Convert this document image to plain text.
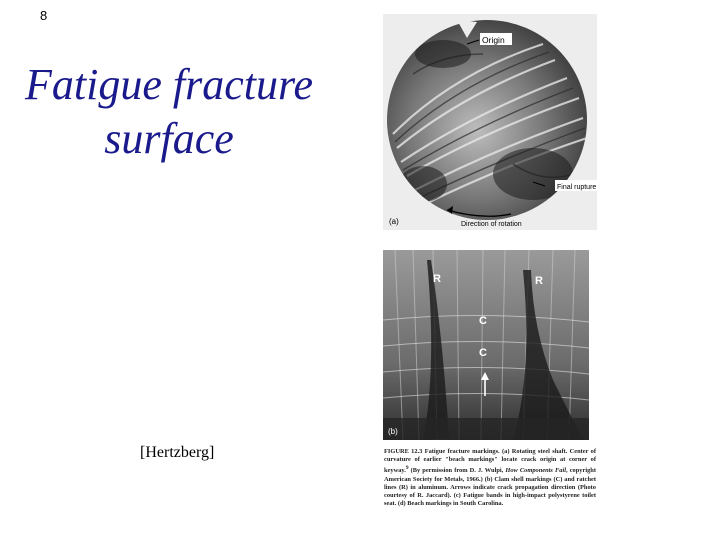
8
Fatigue fracture
surface
[Hertzberg]
Origin
Final rupture
Direction of rotation
(a)
R	R
C
C
(b)
FIGURE 12.3 Fatigue fracture markings. (a) Rotating steel shaft. Center of curvature of earlier "beach markings" locate crack origin at corner of keyway.$^9$ (By permission from D. J. Wulpi, How Components Fail, copyright American Society for Metals, 1966.) (b) Clam shell markings (C) and ratchet lines (R) in aluminum. Arrows indicate crack propagation direction (Photo courtesy of R. Jaccard). (c) Fatigue bands in high-impact polystyrene toilet seat. (d) Beach markings in South Carolina.
